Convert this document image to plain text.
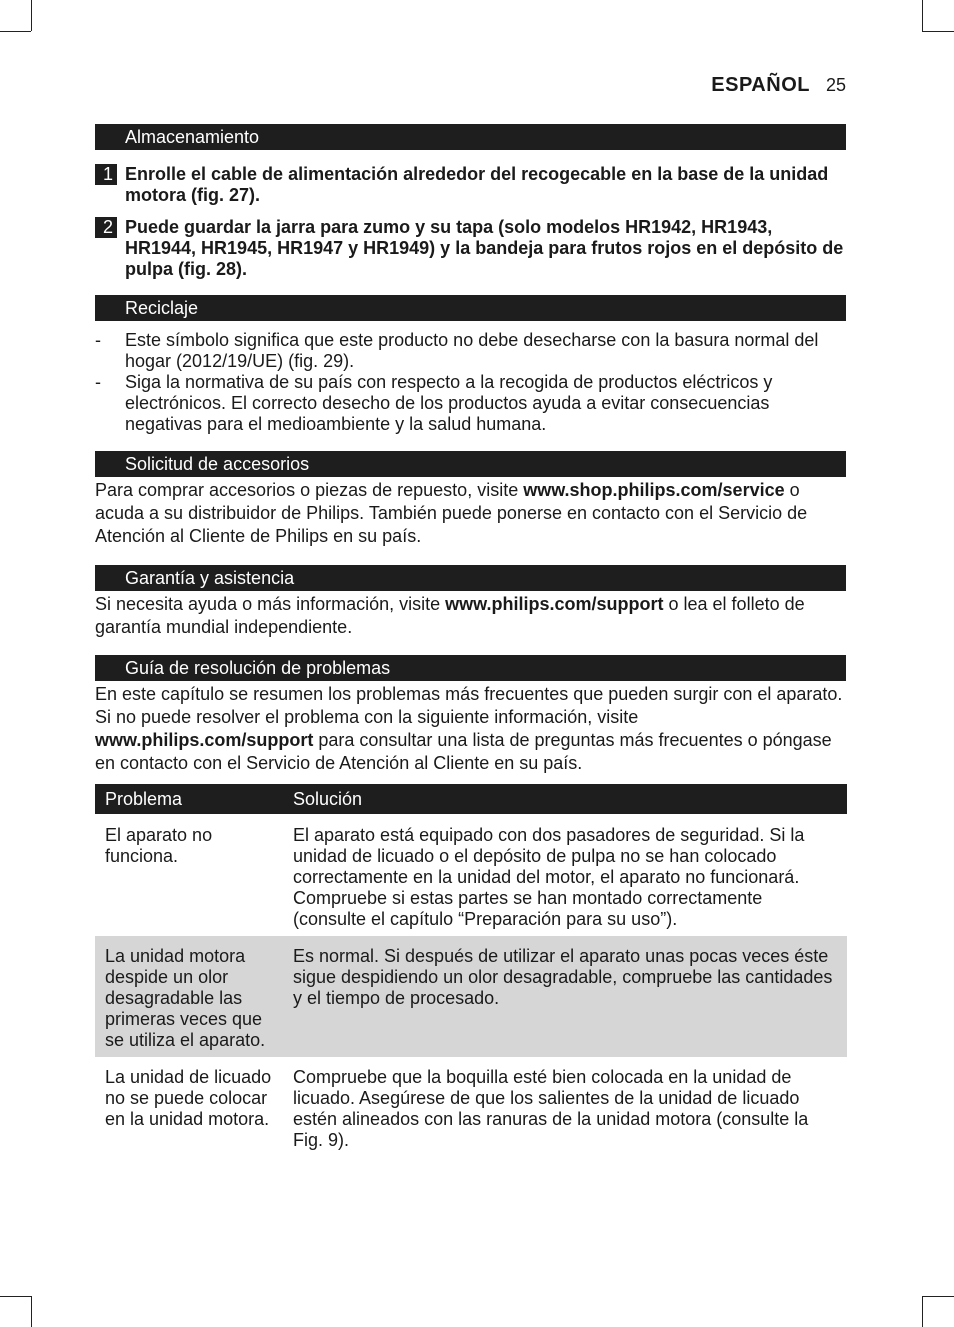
ESPAÑOL 25
Almacenamiento
1 Enrolle el cable de alimentación alrededor del recogecable en la base de la unidad motora (fig. 27).
2 Puede guardar la jarra para zumo y su tapa (solo modelos HR1942, HR1943, HR1944, HR1945, HR1947 y HR1949) y la bandeja para frutos rojos en el depósito de pulpa (fig. 28).
Reciclaje
-	Este símbolo significa que este producto no debe desecharse con la basura normal del hogar (2012/19/UE) (fig. 29).
-	Siga la normativa de su país con respecto a la recogida de productos eléctricos y electrónicos. El correcto desecho de los productos ayuda a evitar consecuencias negativas para el medioambiente y la salud humana.
Solicitud de accesorios

Para comprar accesorios o piezas de repuesto, visite www.shop.philips.com/service o acuda a su distribuidor de Philips. También puede ponerse en contacto con el Servicio de Atención al Cliente de Philips en su país.

Garantía y asistencia

Si necesita ayuda o más información, visite www.philips.com/support o lea el folleto de garantía mundial independiente.

Guía de resolución de problemas

En este capítulo se resumen los problemas más frecuentes que pueden surgir con el aparato. Si no puede resolver el problema con la siguiente información, visite www.philips.com/support para consultar una lista de preguntas más frecuentes o póngase en contacto con el Servicio de Atención al Cliente en su país.

Problema	Solución
El aparato no funciona.	El aparato está equipado con dos pasadores de seguridad. Si la unidad de licuado o el depósito de pulpa no se han colocado correctamente en la unidad del motor, el aparato no funcionará. Compruebe si estas partes se han montado correctamente (consulte el capítulo “Preparación para su uso”).
La unidad motora despide un olor desagradable las primeras veces que se utiliza el aparato.	Es normal. Si después de utilizar el aparato unas pocas veces éste sigue despidiendo un olor desagradable, compruebe las cantidades y el tiempo de procesado.
La unidad de licuado no se puede colocar en la unidad motora.	Compruebe que la boquilla esté bien colocada en la unidad de licuado. Asegúrese de que los salientes de la unidad de licuado estén alineados con las ranuras de la unidad motora (consulte la Fig. 9).
